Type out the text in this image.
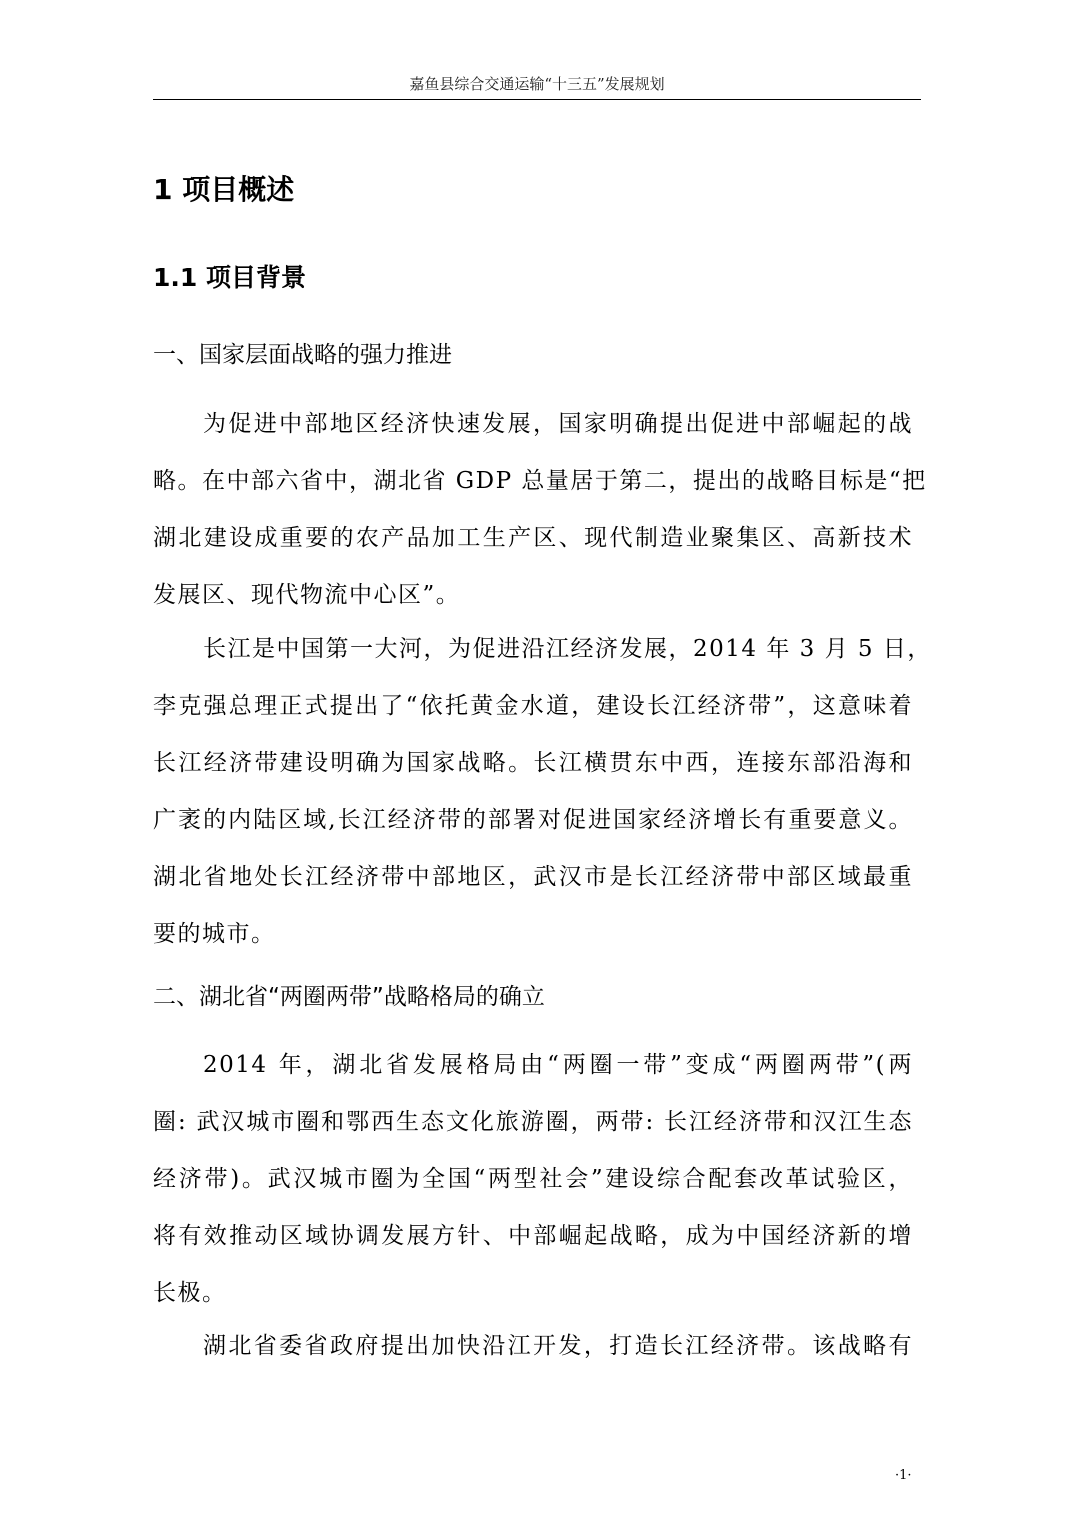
嘉鱼县综合交通运输“十三五”发展规划
1 项目概述
1.1 项目背景
一、国家层面战略的强力推进
为促进中部地区经济快速发展，国家明确提出促进中部崛起的战
略。在中部六省中，湖北省 GDP 总量居于第二，提出的战略目标是“把
湖北建设成重要的农产品加工生产区、现代制造业聚集区、高新技术
发展区、现代物流中心区”。
长江是中国第一大河，为促进沿江经济发展，2014 年 3 月 5 日，
李克强总理正式提出了“依托黄金水道，建设长江经济带”，这意味着
长江经济带建设明确为国家战略。长江横贯东中西，连接东部沿海和
广袤的内陆区域,长江经济带的部署对促进国家经济增长有重要意义。
湖北省地处长江经济带中部地区，武汉市是长江经济带中部区域最重
要的城市。
二、湖北省“两圈两带”战略格局的确立
2014 年，湖北省发展格局由“两圈一带”变成“两圈两带”(两
圈: 武汉城市圈和鄂西生态文化旅游圈，两带: 长江经济带和汉江生态
经济带)。武汉城市圈为全国“两型社会”建设综合配套改革试验区，
将有效推动区域协调发展方针、中部崛起战略，成为中国经济新的增
长极。
湖北省委省政府提出加快沿江开发，打造长江经济带。该战略有
·1·
